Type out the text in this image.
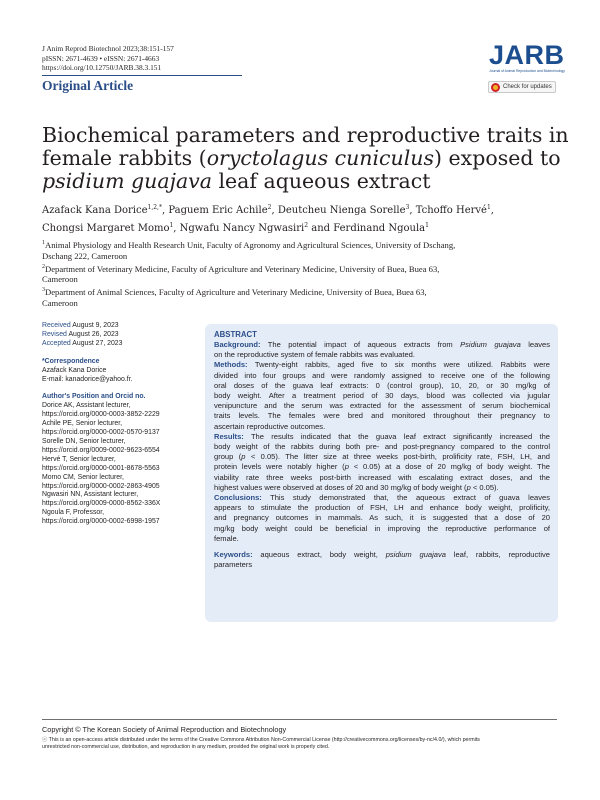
J Anim Reprod Biotechnol 2023;38:151-157
pISSN: 2671-4639 • eISSN: 2671-4663
https://doi.org/10.12750/JARB.38.3.151
Original Article
JARB
Journal of Animal Reproduction and Biotechnology
Check for updates
Biochemical parameters and reproductive traits in
female rabbits (oryctolagus cuniculus) exposed to
psidium guajava leaf aqueous extract
Azafack Kana Dorice$^{1,2,*}$, Paguem Eric Achile$^2$, Deutcheu Nienga Sorelle$^3$, Tchoffo Hervé$^1$,
Chongsi Margaret Momo$^1$, Ngwafu Nancy Ngwasiri$^2$ and Ferdinand Ngoula$^1$
$^1$Animal Physiology and Health Research Unit, Faculty of Agronomy and Agricultural Sciences, University of Dschang,
Dschang 222, Cameroon
$^2$Department of Veterinary Medicine, Faculty of Agriculture and Veterinary Medicine, University of Buea, Buea 63,
Cameroon
$^3$Department of Animal Sciences, Faculty of Agriculture and Veterinary Medicine, University of Buea, Buea 63,
Cameroon
Received August 9, 2023
Revised August 26, 2023
Accepted August 27, 2023
*Correspondence
Azafack Kana Dorice
E-mail: kanadorice@yahoo.fr.
Author's Position and Orcid no.
Dorice AK, Assistant lecturer,
https://orcid.org/0000-0003-3852-2229
Achile PE, Senior lecturer,
https://orcid.org/0000-0002-0570-9137
Sorelle DN, Senior lecturer,
https://orcid.org/0009-0002-9623-6554
Hervé T, Senior lecturer,
https://orcid.org/0000-0001-8678-5563
Momo CM, Senior lecturer,
https://orcid.org/0000-0002-2863-4905
Ngwasiri NN, Assistant lecturer,
https://orcid.org/0009-0000-8562-336X
Ngoula F, Professor,
https://orcid.org/0000-0002-6998-1957
ABSTRACT
Background: The potential impact of aqueous extracts from Psidium guajava leaves
on the reproductive system of female rabbits was evaluated.
Methods: Twenty-eight rabbits, aged five to six months were utilized. Rabbits were
divided into four groups and were randomly assigned to receive one of the following
oral doses of the guava leaf extracts: 0 (control group), 10, 20, or 30 mg/kg of
body weight. After a treatment period of 30 days, blood was collected via jugular
venipuncture and the serum was extracted for the assessment of serum biochemical
traits levels. The females were bred and monitored throughout their pregnancy to
ascertain reproductive outcomes.
Results: The results indicated that the guava leaf extract significantly increased the
body weight of the rabbits during both pre- and post-pregnancy compared to the control
group (p < 0.05). The litter size at three weeks post-birth, prolificity rate, FSH, LH, and
protein levels were notably higher (p < 0.05) at a dose of 20 mg/kg of body weight. The
viability rate three weeks post-birth increased with escalating extract doses, and the
highest values were observed at doses of 20 and 30 mg/kg of body weight (p < 0.05).
Conclusions: This study demonstrated that, the aqueous extract of guava leaves
appears to stimulate the production of FSH, LH and enhance body weight, prolificity,
and pregnancy outcomes in mammals. As such, it is suggested that a dose of 20
mg/kg body weight could be beneficial in improving the reproductive performance of
female.
Keywords: aqueous extract, body weight, psidium guajava leaf, rabbits, reproductive
parameters
Copyright © The Korean Society of Animal Reproduction and Biotechnology
ⓒ This is an open-access article distributed under the terms of the Creative Commons Attribution Non-Commercial License (http://creativecommons.org/licenses/by-nc/4.0/), which permits
unrestricted non-commercial use, distribution, and reproduction in any medium, provided the original work is properly cited.
